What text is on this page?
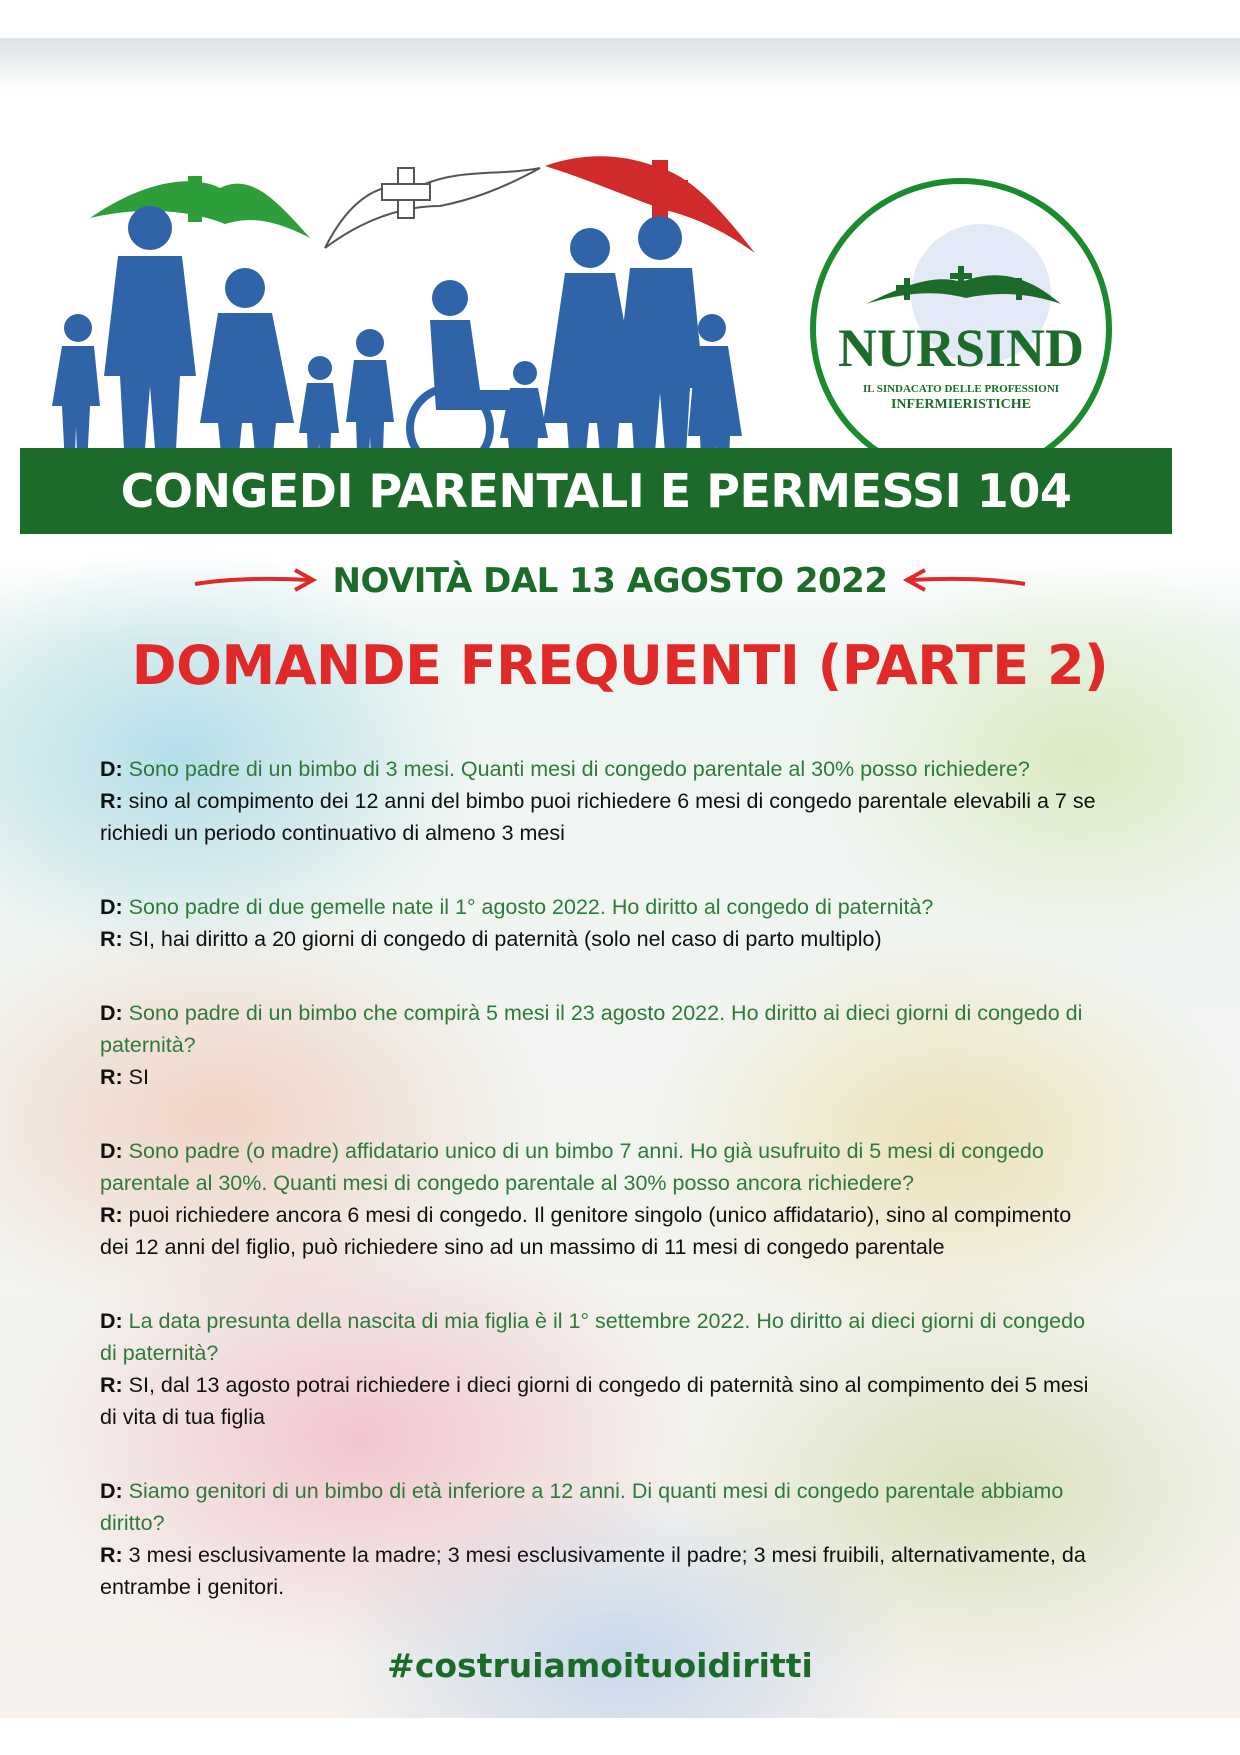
NURSIND
IL SINDACATO DELLE PROFESSIONI
INFERMIERISTICHE
CONGEDI PARENTALI E PERMESSI 104
NOVITÀ DAL 13 AGOSTO 2022
DOMANDE FREQUENTI (PARTE 2)

D: Sono padre di un bimbo di 3 mesi. Quanti mesi di congedo parentale al 30% posso richiedere?

R: sino al compimento dei 12 anni del bimbo puoi richiedere 6 mesi di congedo parentale elevabili a 7 se richiedi un periodo continuativo di almeno 3 mesi

D: Sono padre di due gemelle nate il 1° agosto 2022. Ho diritto al congedo di paternità?

R: SI, hai diritto a 20 giorni di congedo di paternità (solo nel caso di parto multiplo)

D: Sono padre di un bimbo che compirà 5 mesi il 23 agosto 2022. Ho diritto ai dieci giorni di congedo di paternità?

R: SI

D: Sono padre (o madre) affidatario unico di un bimbo 7 anni. Ho già usufruito di 5 mesi di congedo parentale al 30%. Quanti mesi di congedo parentale al 30% posso ancora richiedere?

R: puoi richiedere ancora 6 mesi di congedo. Il genitore singolo (unico affidatario), sino al compimento dei 12 anni del figlio, può richiedere sino ad un massimo di 11 mesi di congedo parentale

D: La data presunta della nascita di mia figlia è il 1° settembre 2022. Ho diritto ai dieci giorni di congedo di paternità?

R: SI, dal 13 agosto potrai richiedere i dieci giorni di congedo di paternità sino al compimento dei 5 mesi di vita di tua figlia

D: Siamo genitori di un bimbo di età inferiore a 12 anni. Di quanti mesi di congedo parentale abbiamo diritto?

R: 3 mesi esclusivamente la madre; 3 mesi esclusivamente il padre; 3 mesi fruibili, alternativamente, da entrambe i genitori.

#costruiamoituoidiritti
